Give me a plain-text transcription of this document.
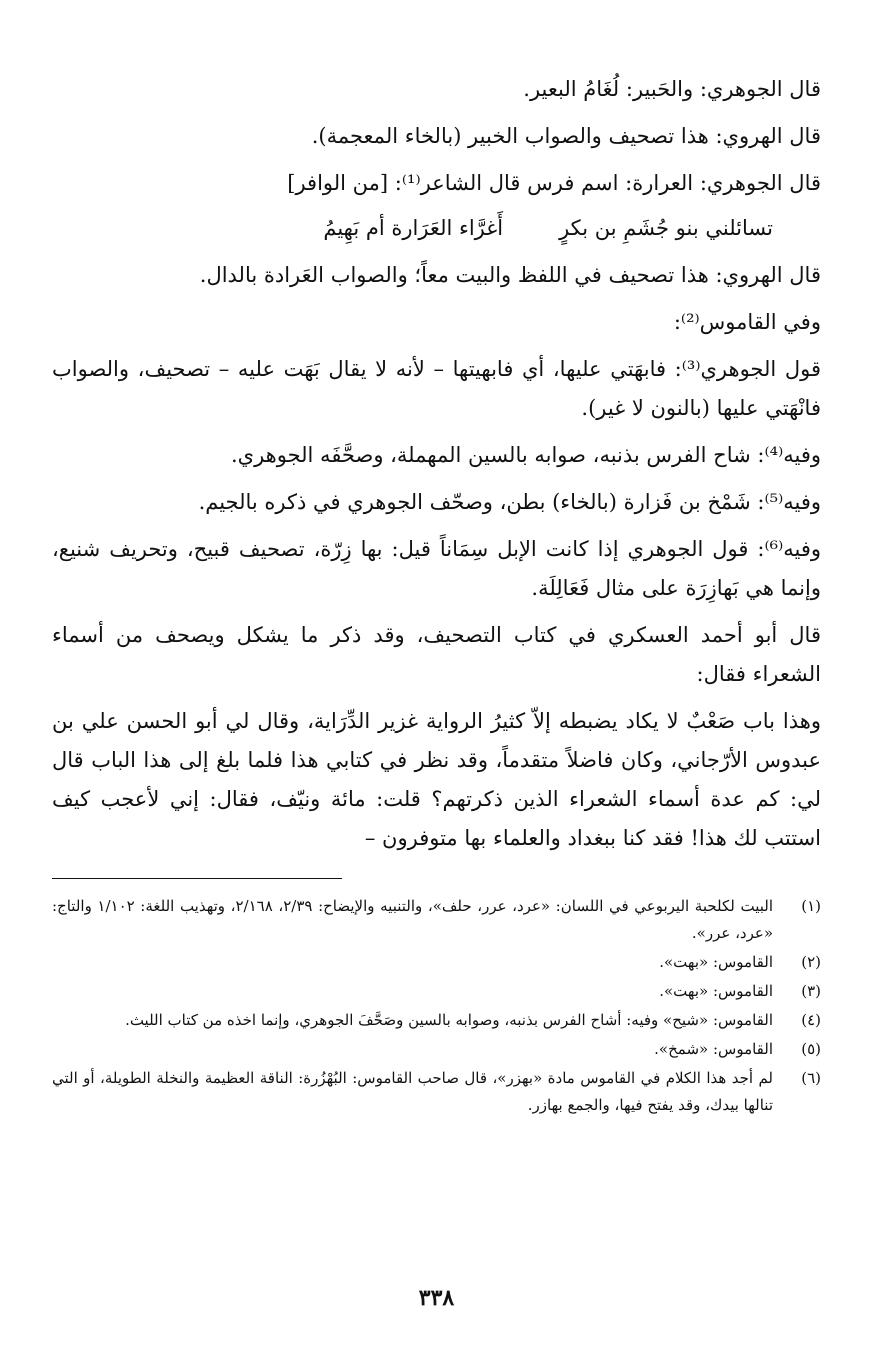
قال الجوهري: والحَبير: لُغَامُ البعير.

قال الهروي: هذا تصحيف والصواب الخبير (بالخاء المعجمة).

قال الجوهري: العرارة: اسم فرس قال الشاعر⁽¹⁾: [من الوافر]

تسائلني بنو جُشَمِ بن بكرٍ
أَغرَّاء العَرَارة أم بَهِيمُ

قال الهروي: هذا تصحيف في اللفظ والبيت معاً؛ والصواب العَرادة بالدال.

وفي القاموس⁽²⁾:

قول الجوهري⁽³⁾: فابهَتي عليها، أي فابهيتها – لأنه لا يقال بَهَت عليه – تصحيف، والصواب فانْهَتي عليها (بالنون لا غير).

وفيه⁽⁴⁾: شاح الفرس بذنبه، صوابه بالسين المهملة، وصحَّفَه الجوهري.

وفيه⁽⁵⁾: شَمْخ بن فَزارة (بالخاء) بطن، وصحّف الجوهري في ذكره بالجيم.

وفيه⁽⁶⁾: قول الجوهري إذا كانت الإبل سِمَاناً قيل: بها زِرّة، تصحيف قبيح، وتحريف شنيع، وإنما هي بَهازِرَة على مثال فَعَالِلَة.

قال أبو أحمد العسكري في كتاب التصحيف، وقد ذكر ما يشكل ويصحف من أسماء الشعراء فقال:

وهذا باب صَعْبٌ لا يكاد يضبطه إلاّ كثيرُ الرواية غزير الدِّرَاية، وقال لي أبو الحسن علي بن عبدوس الأرّجاني، وكان فاضلاً متقدماً، وقد نظر في كتابي هذا فلما بلغ إلى هذا الباب قال لي: كم عدة أسماء الشعراء الذين ذكرتهم؟ قلت: مائة ونيّف، فقال: إني لأعجب كيف استتب لك هذا! فقد كنا ببغداد والعلماء بها متوفرون –

(١)
البيت لكلحبة اليربوعي في اللسان: «عرد، عرر، حلف»، والتنبيه والإيضاح: ٢/٣٩، ٢/١٦٨، وتهذيب اللغة: ١/١٠٢ والتاج: «عرد، عرر».
(٢)
القاموس: «بهت».
(٣)
القاموس: «بهت».
(٤)
القاموس: «شيح» وفيه: أشاح الفرس بذنبه، وصوابه بالسين وصَحَّفَ الجوهري، وإنما اخذه من كتاب الليث.
(٥)
القاموس: «شمخ».
(٦)
لم أجد هذا الكلام في القاموس مادة «بهزر»، قال صاحب القاموس: البُهْزُرة: الناقة العظيمة والنخلة الطويلة، أو التي تنالها بيدك، وقد يفتح فيها، والجمع بهازر.
٣٣٨
